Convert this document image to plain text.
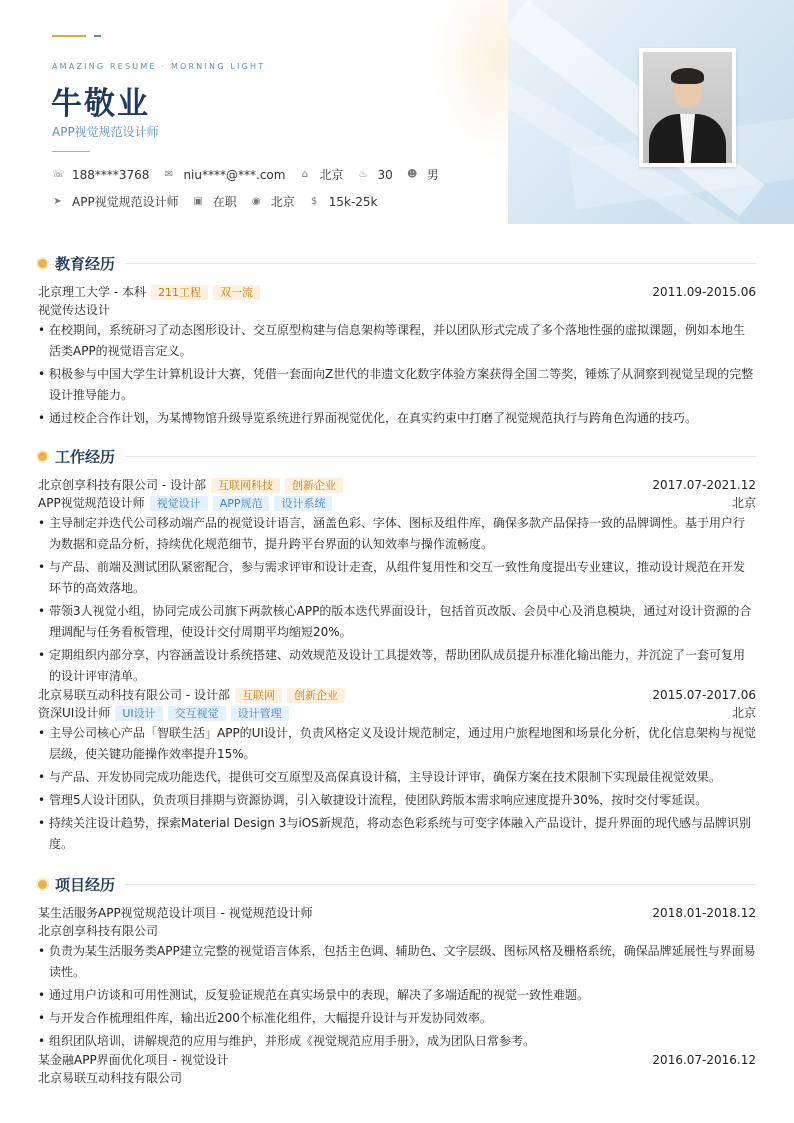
AMAZING RESUME · MORNING LIGHT
牛敬业
APP视觉规范设计师
☏ 188****3768 ✉ niu****@***.com ⌂ 北京 ♨ 30 ☻ 男
➤ APP视觉规范设计师 ▣ 在职 ◉ 北京 $ 15k-25k
教育经历
北京理工大学 - 本科	211工程	双一流	2011.09-2015.06
视觉传达设计
• 在校期间，系统研习了动态图形设计、交互原型构建与信息架构等课程，并以团队形式完成了多个落地性强的虚拟课题，例如本地生活类APP的视觉语言定义。
• 积极参与中国大学生计算机设计大赛，凭借一套面向Z世代的非遗文化数字体验方案获得全国二等奖，锤炼了从洞察到视觉呈现的完整设计推导能力。
• 通过校企合作计划，为某博物馆升级导览系统进行界面视觉优化，在真实约束中打磨了视觉规范执行与跨角色沟通的技巧。
工作经历
北京创享科技有限公司 - 设计部	互联网科技	创新企业	2017.07-2021.12
APP视觉规范设计师	视觉设计	APP规范	设计系统	北京
• 主导制定并迭代公司移动端产品的视觉设计语言，涵盖色彩、字体、图标及组件库，确保多款产品保持一致的品牌调性。基于用户行为数据和竞品分析，持续优化规范细节，提升跨平台界面的认知效率与操作流畅度。
• 与产品、前端及测试团队紧密配合，参与需求评审和设计走查，从组件复用性和交互一致性角度提出专业建议，推动设计规范在开发环节的高效落地。
• 带领3人视觉小组，协同完成公司旗下两款核心APP的版本迭代界面设计，包括首页改版、会员中心及消息模块，通过对设计资源的合理调配与任务看板管理，使设计交付周期平均缩短20%。
• 定期组织内部分享，内容涵盖设计系统搭建、动效规范及设计工具提效等，帮助团队成员提升标准化输出能力，并沉淀了一套可复用的设计评审清单。
北京易联互动科技有限公司 - 设计部	互联网	创新企业	2015.07-2017.06
资深UI设计师	UI设计	交互视觉	设计管理	北京
• 主导公司核心产品「智联生活」APP的UI设计，负责风格定义及设计规范制定，通过用户旅程地图和场景化分析，优化信息架构与视觉层级，使关键功能操作效率提升15%。
• 与产品、开发协同完成功能迭代，提供可交互原型及高保真设计稿，主导设计评审，确保方案在技术限制下实现最佳视觉效果。
• 管理5人设计团队，负责项目排期与资源协调，引入敏捷设计流程，使团队跨版本需求响应速度提升30%，按时交付零延误。
• 持续关注设计趋势，探索Material Design 3与iOS新规范，将动态色彩系统与可变字体融入产品设计，提升界面的现代感与品牌识别度。
项目经历
某生活服务APP视觉规范设计项目 - 视觉规范设计师	2018.01-2018.12
北京创享科技有限公司
• 负责为某生活服务类APP建立完整的视觉语言体系，包括主色调、辅助色、文字层级、图标风格及栅格系统，确保品牌延展性与界面易读性。
• 通过用户访谈和可用性测试，反复验证规范在真实场景中的表现，解决了多端适配的视觉一致性难题。
• 与开发合作梳理组件库，输出近200个标准化组件，大幅提升设计与开发协同效率。
• 组织团队培训，讲解规范的应用与维护，并形成《视觉规范应用手册》，成为团队日常参考。
某金融APP界面优化项目 - 视觉设计	2016.07-2016.12
北京易联互动科技有限公司
